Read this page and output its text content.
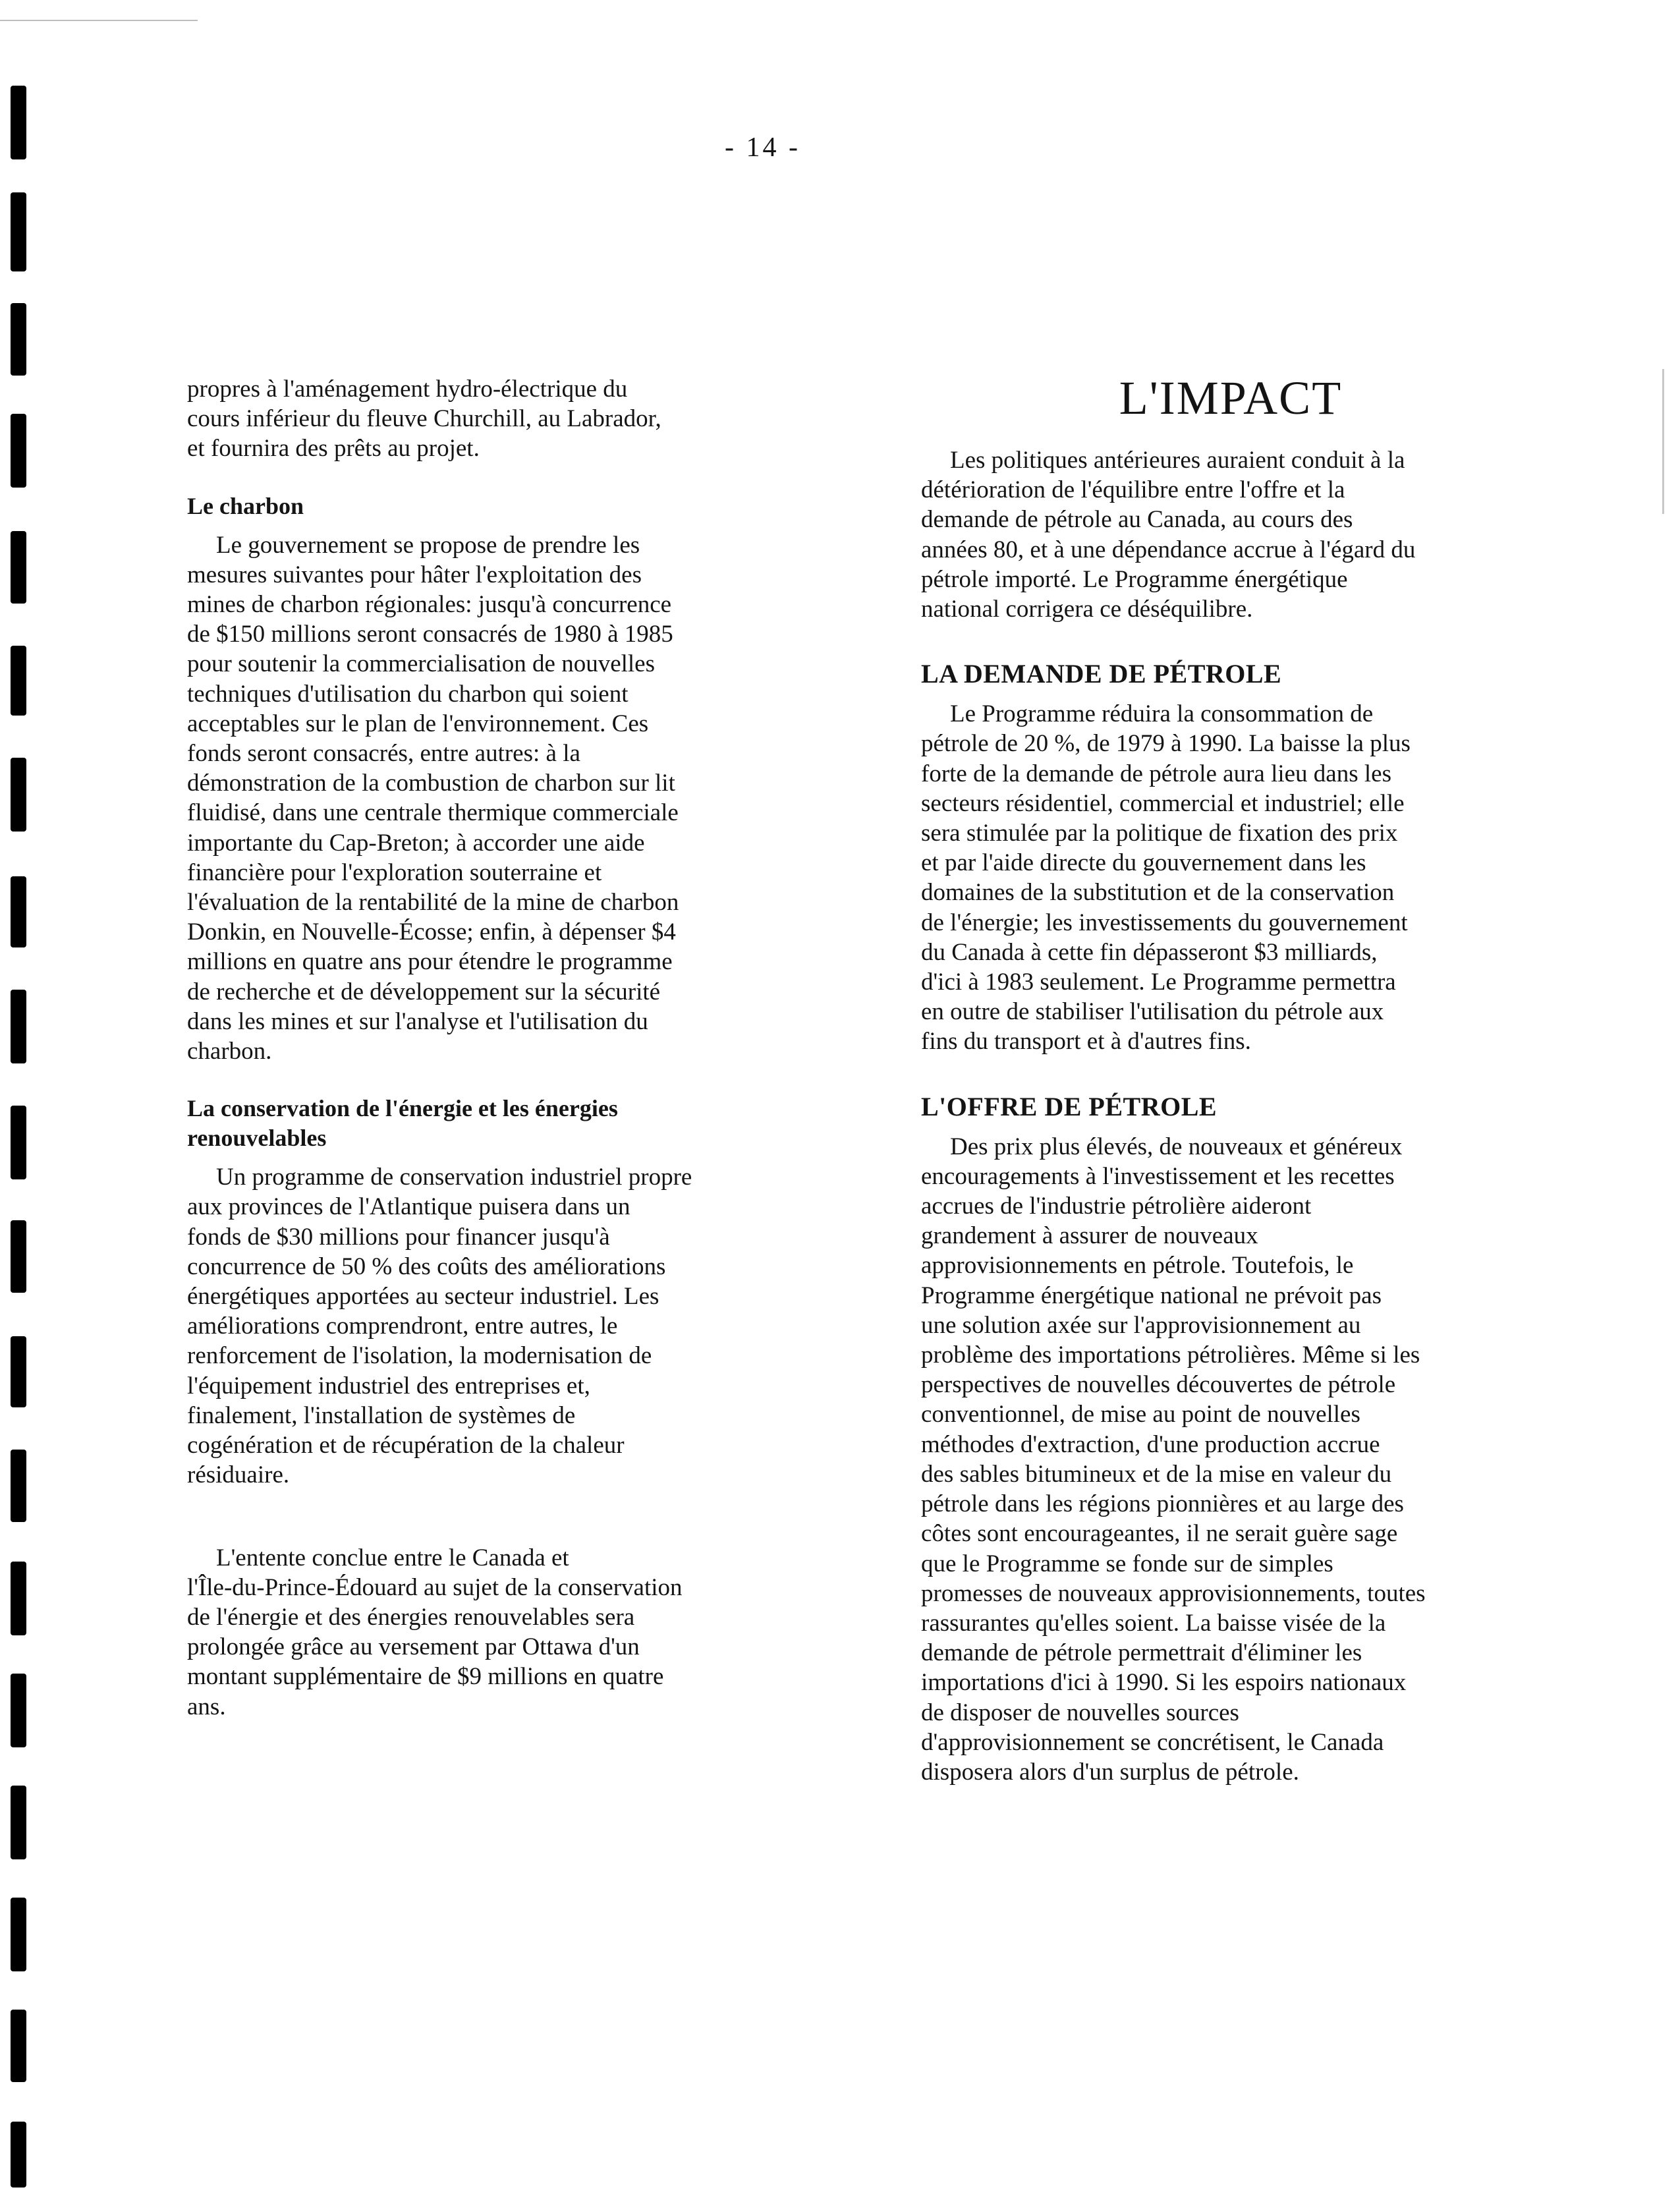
- 14 -

propres à l'aménagement hydro-électrique du
cours inférieur du fleuve Churchill, au Labrador,
et fournira des prêts au projet.

Le charbon

Le gouvernement se propose de prendre les
mesures suivantes pour hâter l'exploitation des
mines de charbon régionales: jusqu'à concurrence
de $150 millions seront consacrés de 1980 à 1985
pour soutenir la commercialisation de nouvelles
techniques d'utilisation du charbon qui soient
acceptables sur le plan de l'environnement. Ces
fonds seront consacrés, entre autres: à la
démonstration de la combustion de charbon sur lit
fluidisé, dans une centrale thermique commerciale
importante du Cap-Breton; à accorder une aide
financière pour l'exploration souterraine et
l'évaluation de la rentabilité de la mine de charbon
Donkin, en Nouvelle-Écosse; enfin, à dépenser $4
millions en quatre ans pour étendre le programme
de recherche et de développement sur la sécurité
dans les mines et sur l'analyse et l'utilisation du
charbon.

La conservation de l'énergie et les énergies
renouvelables

Un programme de conservation industriel propre
aux provinces de l'Atlantique puisera dans un
fonds de $30 millions pour financer jusqu'à
concurrence de 50 % des coûts des améliorations
énergétiques apportées au secteur industriel. Les
améliorations comprendront, entre autres, le
renforcement de l'isolation, la modernisation de
l'équipement industriel des entreprises et,
finalement, l'installation de systèmes de
cogénération et de récupération de la chaleur
résiduaire.

L'entente conclue entre le Canada et
l'Île-du-Prince-Édouard au sujet de la conservation
de l'énergie et des énergies renouvelables sera
prolongée grâce au versement par Ottawa d'un
montant supplémentaire de $9 millions en quatre
ans.

L'IMPACT

Les politiques antérieures auraient conduit à la
détérioration de l'équilibre entre l'offre et la
demande de pétrole au Canada, au cours des
années 80, et à une dépendance accrue à l'égard du
pétrole importé. Le Programme énergétique
national corrigera ce déséquilibre.

LA DEMANDE DE PÉTROLE

Le Programme réduira la consommation de
pétrole de 20 %, de 1979 à 1990. La baisse la plus
forte de la demande de pétrole aura lieu dans les
secteurs résidentiel, commercial et industriel; elle
sera stimulée par la politique de fixation des prix
et par l'aide directe du gouvernement dans les
domaines de la substitution et de la conservation
de l'énergie; les investissements du gouvernement
du Canada à cette fin dépasseront $3 milliards,
d'ici à 1983 seulement. Le Programme permettra
en outre de stabiliser l'utilisation du pétrole aux
fins du transport et à d'autres fins.

L'OFFRE DE PÉTROLE

Des prix plus élevés, de nouveaux et généreux
encouragements à l'investissement et les recettes
accrues de l'industrie pétrolière aideront
grandement à assurer de nouveaux
approvisionnements en pétrole. Toutefois, le
Programme énergétique national ne prévoit pas
une solution axée sur l'approvisionnement au
problème des importations pétrolières. Même si les
perspectives de nouvelles découvertes de pétrole
conventionnel, de mise au point de nouvelles
méthodes d'extraction, d'une production accrue
des sables bitumineux et de la mise en valeur du
pétrole dans les régions pionnières et au large des
côtes sont encourageantes, il ne serait guère sage
que le Programme se fonde sur de simples
promesses de nouveaux approvisionnements, toutes
rassurantes qu'elles soient. La baisse visée de la
demande de pétrole permettrait d'éliminer les
importations d'ici à 1990. Si les espoirs nationaux
de disposer de nouvelles sources
d'approvisionnement se concrétisent, le Canada
disposera alors d'un surplus de pétrole.
